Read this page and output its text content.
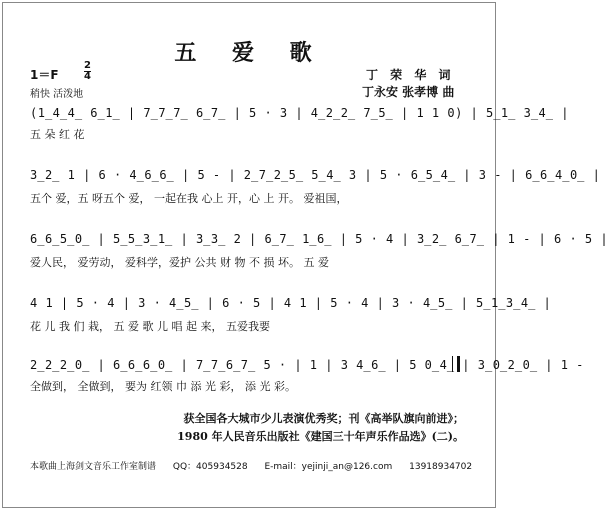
五 爱 歌
1＝F	$\frac{2}{4}$
稍快 活泼地
丁 荣 华 词
丁永安 张孝博 曲
(1̲4̲4̲ 6̲1̲ | 7̲7̲7̲ 6̲7̲ | 5 · 3 | 4̲2̲2̲ 7̲5̲ | 1 1 0) | 5̲1̲ 3̲4̲ |
五 朵 红 花
3̲2̲ 1 | 6 · 4̲6̲6̲ | 5 - | 2̲7̲2̲5̲ 5̲4̲ 3 | 5 · 6̲5̲4̲ | 3 - | 6̲6̲4̲0̲ |
五个 爱，五 呀五个 爱， 一起在我 心上 开，心 上 开。 爱祖国，
6̲6̲5̲0̲ | 5̲5̲3̲1̲ | 3̲3̲ 2 | 6̲7̲ 1̲6̲ | 5 · 4 | 3̲2̲ 6̲7̲ | 1 - | 6 · 5 |
爱人民， 爱劳动， 爱科学，爱护 公共 财 物 不 损 坏。 五 爱
4 1 | 5 · 4 | 3 · 4̲5̲ | 6 · 5 | 4 1 | 5 · 4 | 3 · 4̲5̲ | 5̲1̲3̲4̲ |
花 儿 我 们 栽， 五 爱 歌 儿 唱 起 来， 五爱我要
2̲2̲2̲0̲ | 6̲6̲6̲0̲ | 7̲7̲6̲7̲ 5 · | 1 | 3 4̲6̲ | 5 0̲4̲ | 3̲0̲2̲0̲ | 1 -
全做到， 全做到， 要为 红领 巾 添 光 彩， 添 光 彩。
获全国各大城市少儿表演优秀奖；刊《高举队旗向前进》；
1980 年人民音乐出版社《建国三十年声乐作品选》(二)。
本歌曲上海剑文音乐工作室制谱 QQ：405934528 E-mail：yejinji_an@126.com 13918934702
